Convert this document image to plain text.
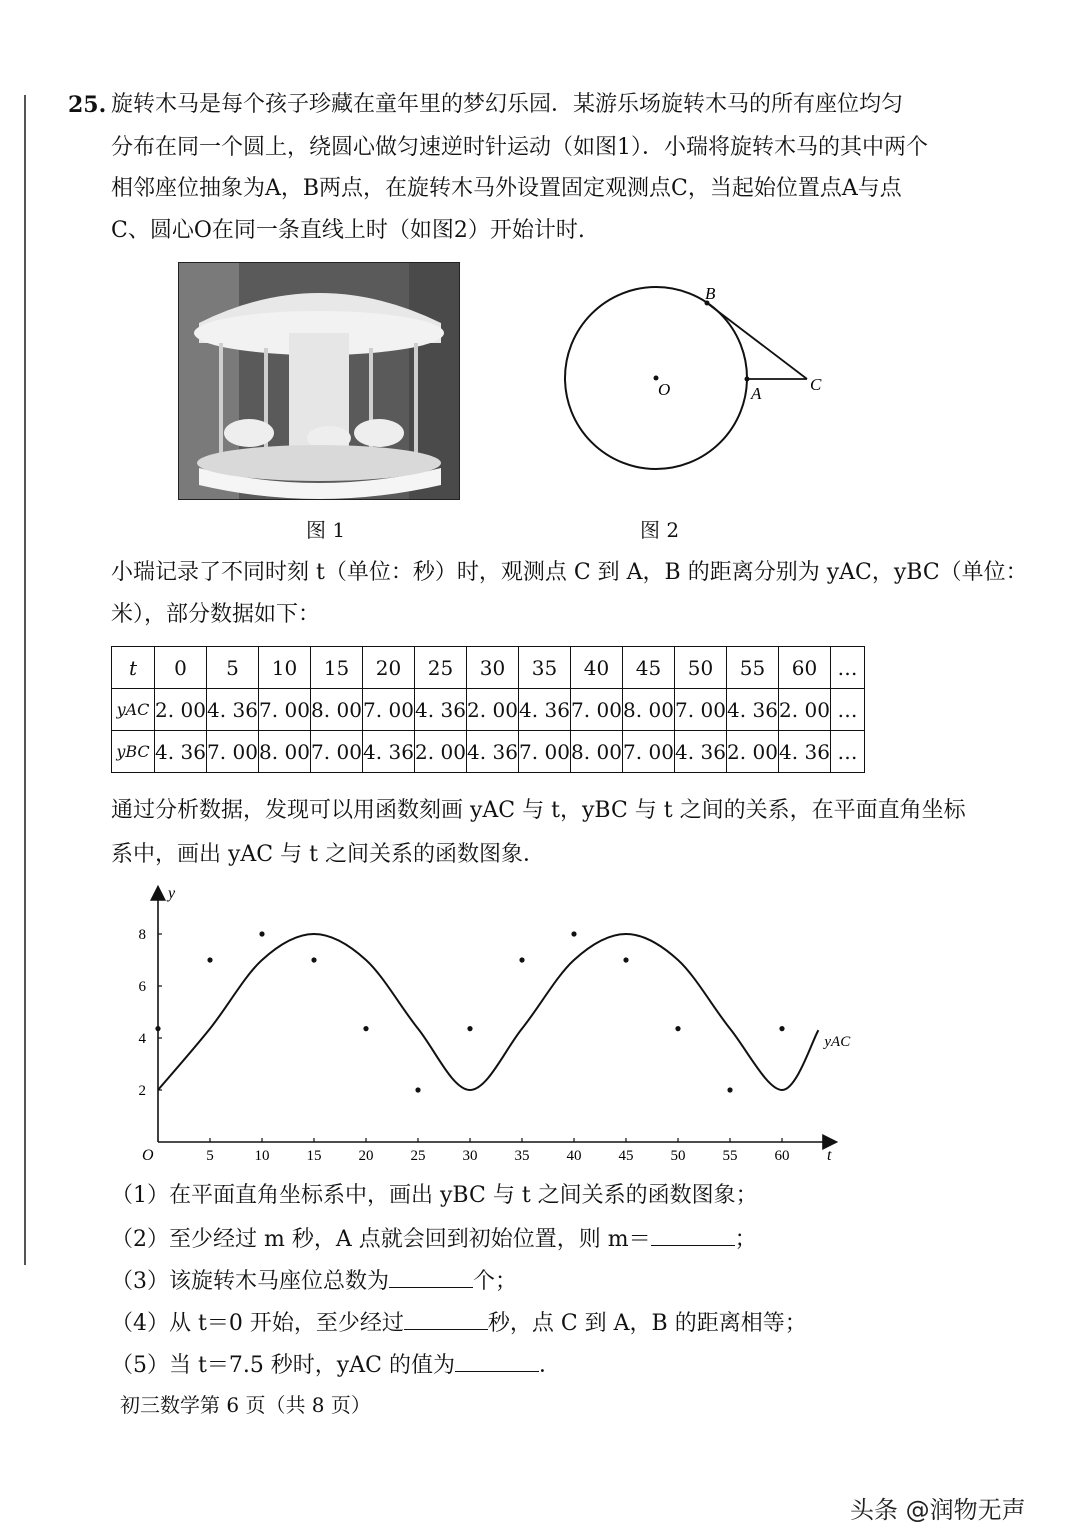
25. 旋转木马是每个孩子珍藏在童年里的梦幻乐园．某游乐场旋转木马的所有座位均匀
分布在同一个圆上，绕圆心做匀速逆时针运动（如图1）．小瑞将旋转木马的其中两个
相邻座位抽象为A，B两点，在旋转木马外设置固定观测点C，当起始位置点A与点
C、圆心O在同一条直线上时（如图2）开始计时.
图 1
B
O	A	C
图 2
小瑞记录了不同时刻 t（单位：秒）时，观测点 C 到 A，B 的距离分别为 yAC，yBC（单位：
米），部分数据如下：
t	0	5	10	15	20	25	30	35	40	45	50	55	60	…
yAC	2. 00	4. 36	7. 00	8. 00	7. 00	4. 36	2. 00	4. 36	7. 00	8. 00	7. 00	4. 36	2. 00	…
yBC	4. 36	7. 00	8. 00	7. 00	4. 36	2. 00	4. 36	7. 00	8. 00	7. 00	4. 36	2. 00	4. 36	…
通过分析数据，发现可以用函数刻画 yAC 与 t，yBC 与 t 之间的关系，在平面直角坐标
系中，画出 yAC 与 t 之间关系的函数图象．
y
t
O	5	10 15 20 25 30 35 40 45 50 55 60
2
4
6
8
yAC
（1）在平面直角坐标系中，画出 yBC 与 t 之间关系的函数图象；
（2）至少经过 m 秒，A 点就会回到初始位置，则 m＝	；
（3）该旋转木马座位总数为	个；
（4）从 t＝0 开始，至少经过	秒，点 C 到 A，B 的距离相等；
（5）当 t＝7.5 秒时，yAC 的值为	．
初三数学第 6 页（共 8 页）
头条 @润物无声
